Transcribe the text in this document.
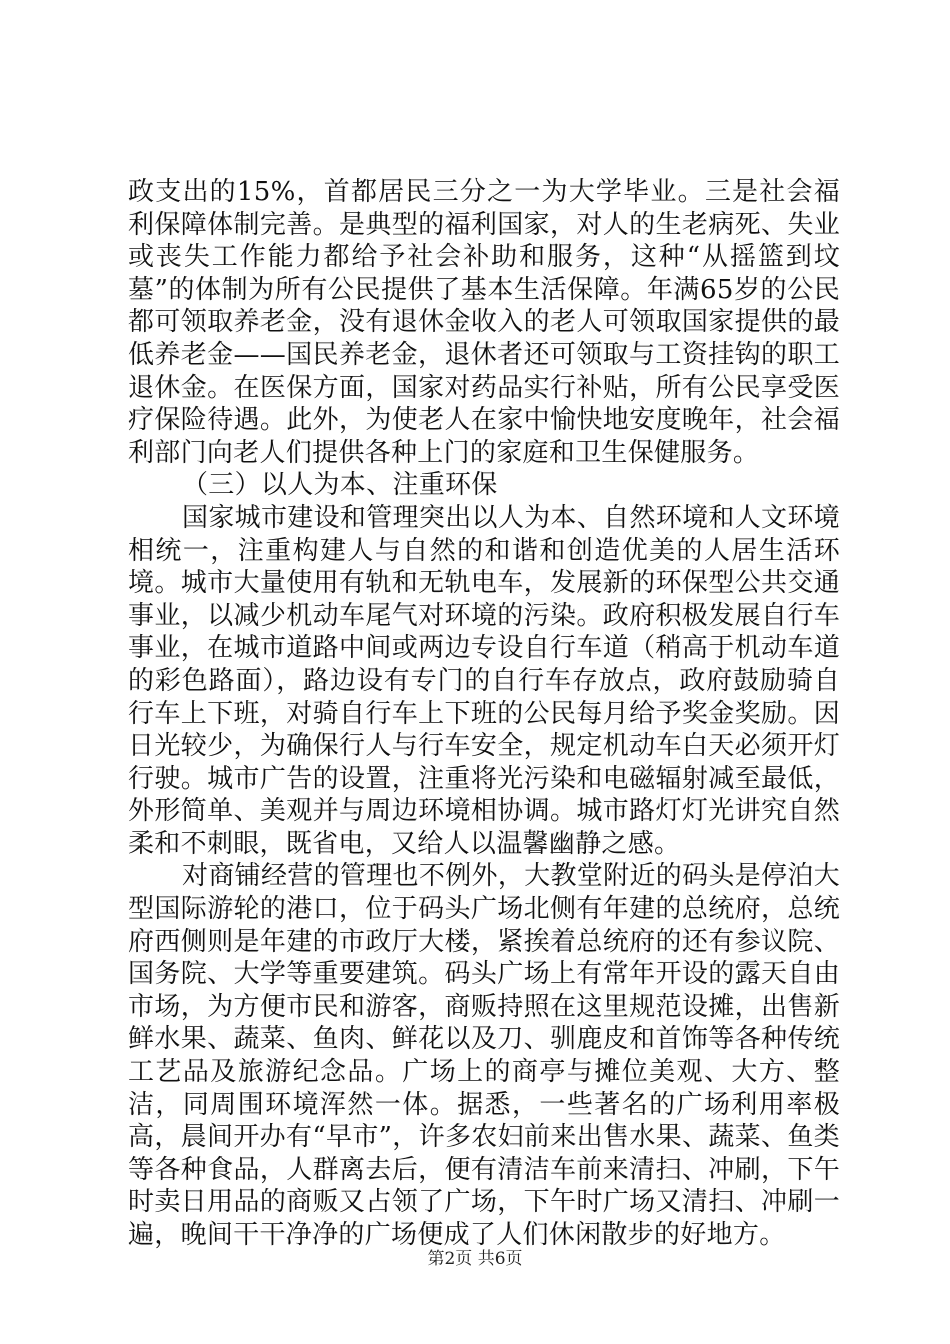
政支出的15%，首都居民三分之一为大学毕业。三是社会福利保障体制完善。是典型的福利国家，对人的生老病死、失业或丧失工作能力都给予社会补助和服务，这种“从摇篮到坟墓”的体制为所有公民提供了基本生活保障。年满65岁的公民都可领取养老金，没有退休金收入的老人可领取国家提供的最低养老金——国民养老金，退休者还可领取与工资挂钩的职工退休金。在医保方面，国家对药品实行补贴，所有公民享受医疗保险待遇。此外，为使老人在家中愉快地安度晚年，社会福利部门向老人们提供各种上门的家庭和卫生保健服务。

（三）以人为本、注重环保

国家城市建设和管理突出以人为本、自然环境和人文环境相统一，注重构建人与自然的和谐和创造优美的人居生活环境。城市大量使用有轨和无轨电车，发展新的环保型公共交通事业，以减少机动车尾气对环境的污染。政府积极发展自行车事业，在城市道路中间或两边专设自行车道（稍高于机动车道的彩色路面），路边设有专门的自行车存放点，政府鼓励骑自行车上下班，对骑自行车上下班的公民每月给予奖金奖励。因日光较少，为确保行人与行车安全，规定机动车白天必须开灯行驶。城市广告的设置，注重将光污染和电磁辐射减至最低，外形简单、美观并与周边环境相协调。城市路灯灯光讲究自然柔和不刺眼，既省电，又给人以温馨幽静之感。

对商铺经营的管理也不例外，大教堂附近的码头是停泊大型国际游轮的港口，位于码头广场北侧有年建的总统府，总统府西侧则是年建的市政厅大楼，紧挨着总统府的还有参议院、国务院、大学等重要建筑。码头广场上有常年开设的露天自由市场，为方便市民和游客，商贩持照在这里规范设摊，出售新鲜水果、蔬菜、鱼肉、鲜花以及刀、驯鹿皮和首饰等各种传统工艺品及旅游纪念品。广场上的商亭与摊位美观、大方、整洁，同周围环境浑然一体。据悉，一些著名的广场利用率极高，晨间开办有“早市”，许多农妇前来出售水果、蔬菜、鱼类等各种食品，人群离去后，便有清洁车前来清扫、冲刷，下午时卖日用品的商贩又占领了广场，下午时广场又清扫、冲刷一遍，晚间干干净净的广场便成了人们休闲散步的好地方。

第2页 共6页
